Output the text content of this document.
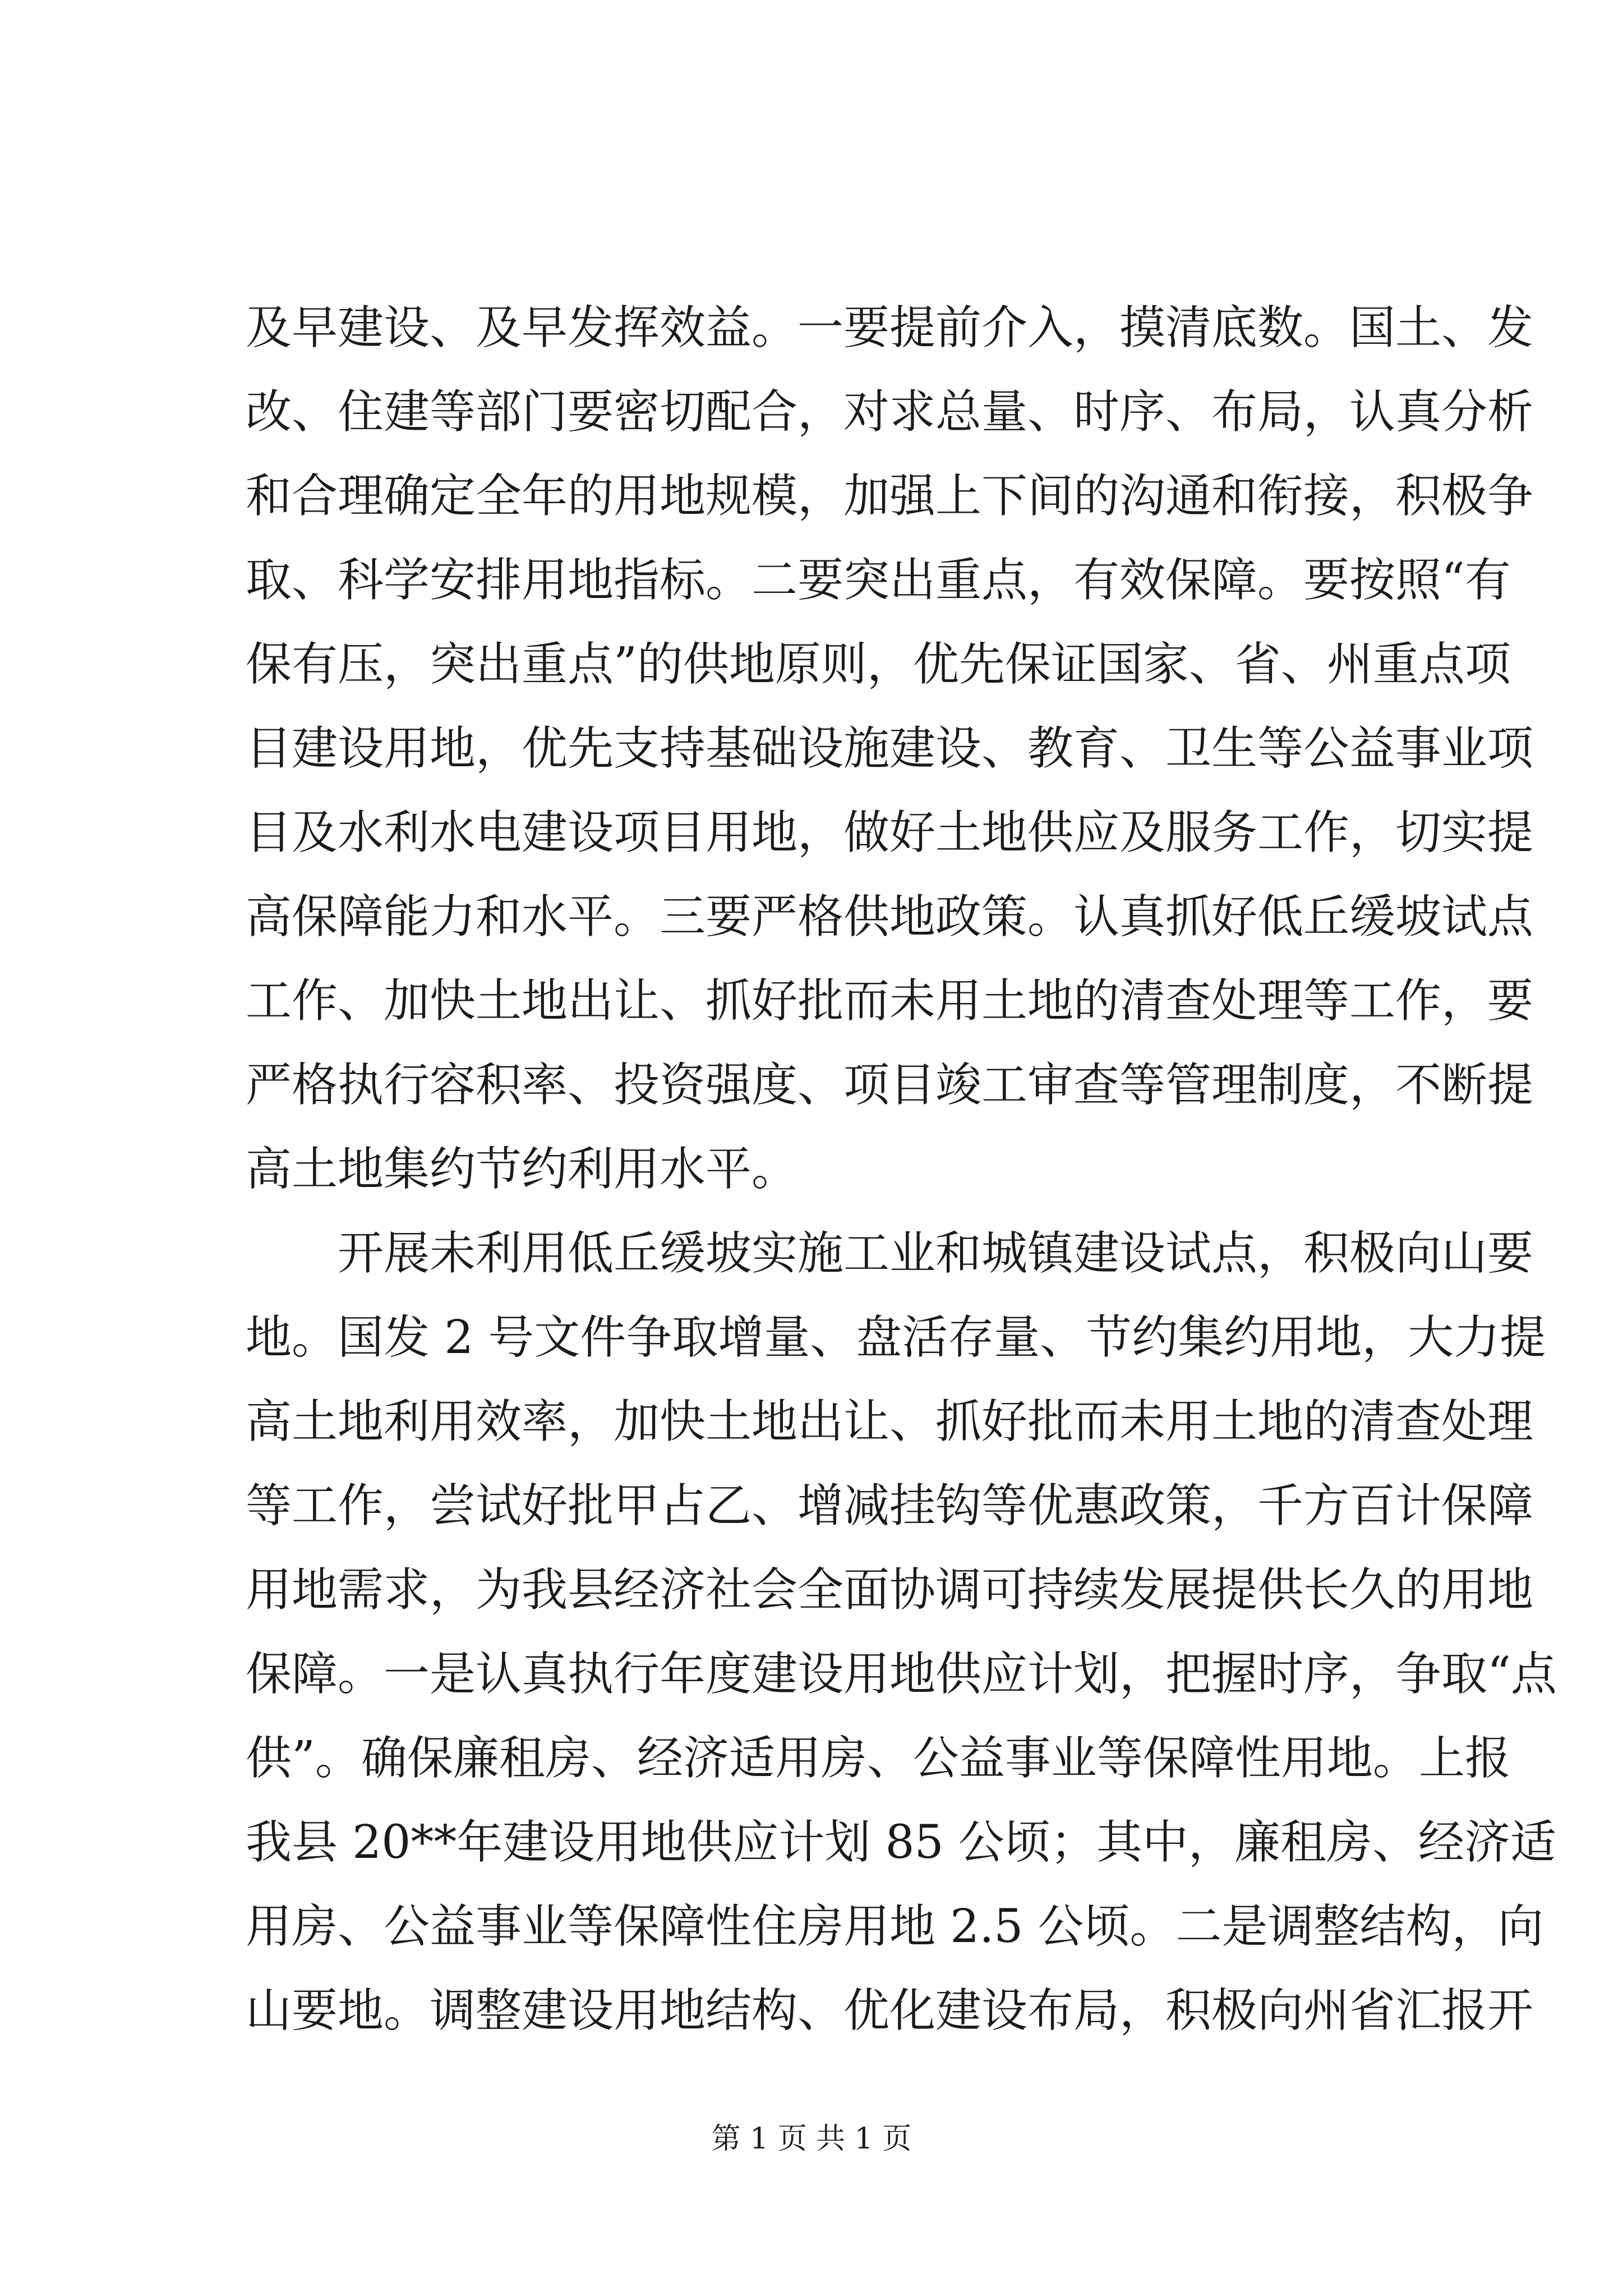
及早建设、及早发挥效益。一要提前介入，摸清底数。国土、发
改、住建等部门要密切配合，对求总量、时序、布局，认真分析
和合理确定全年的用地规模，加强上下间的沟通和衔接，积极争
取、科学安排用地指标。二要突出重点，有效保障。要按照“有
保有压，突出重点”的供地原则，优先保证国家、省、州重点项
目建设用地，优先支持基础设施建设、教育、卫生等公益事业项
目及水利水电建设项目用地，做好土地供应及服务工作，切实提
高保障能力和水平。三要严格供地政策。认真抓好低丘缓坡试点
工作、加快土地出让、抓好批而未用土地的清查处理等工作，要
严格执行容积率、投资强度、项目竣工审查等管理制度，不断提
高土地集约节约利用水平。
开展未利用低丘缓坡实施工业和城镇建设试点，积极向山要
地。国发 2 号文件争取增量、盘活存量、节约集约用地，大力提
高土地利用效率，加快土地出让、抓好批而未用土地的清查处理
等工作，尝试好批甲占乙、增减挂钩等优惠政策，千方百计保障
用地需求，为我县经济社会全面协调可持续发展提供长久的用地
保障。一是认真执行年度建设用地供应计划，把握时序，争取“点
供”。确保廉租房、经济适用房、公益事业等保障性用地。上报
我县 20**年建设用地供应计划 85 公顷；其中，廉租房、经济适
用房、公益事业等保障性住房用地 2.5 公顷。二是调整结构，向
山要地。调整建设用地结构、优化建设布局，积极向州省汇报开
第 1 页 共 1 页
